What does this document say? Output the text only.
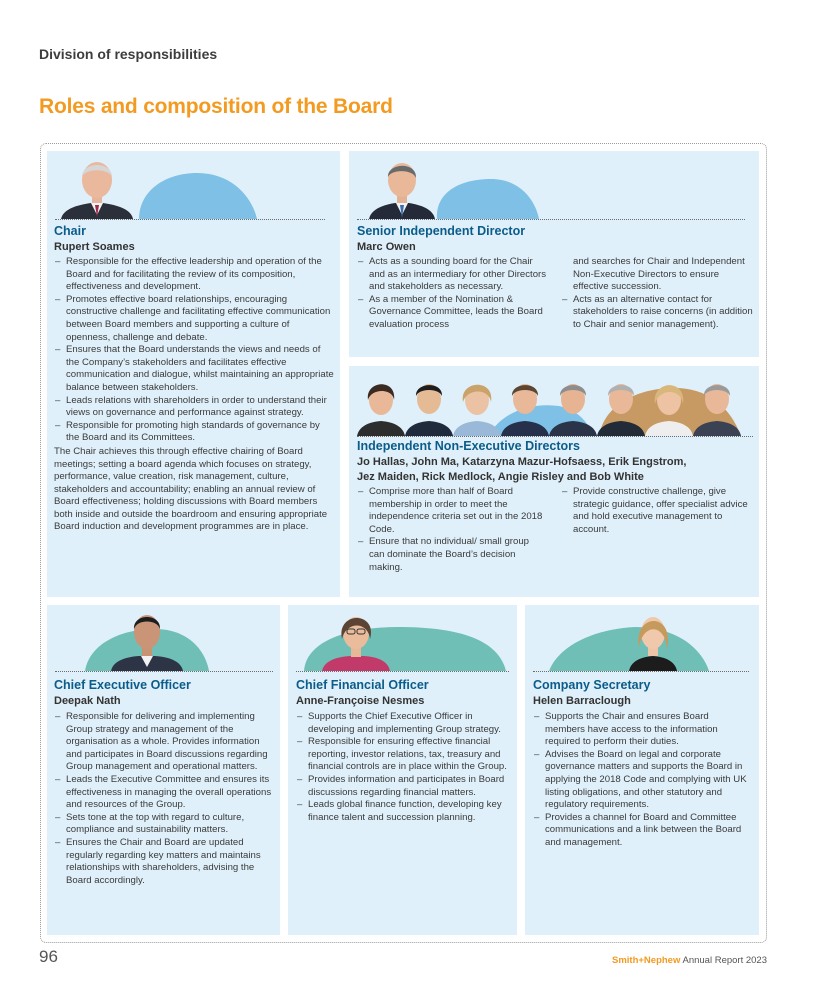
Division of responsibilities
Roles and composition of the Board
Chair
Rupert Soames
– Responsible for the effective leadership and operation of the Board and for facilitating the review of its composition, effectiveness and development.
– Promotes effective board relationships, encouraging constructive challenge and facilitating effective communication between Board members and supporting a culture of openness, challenge and debate.
– Ensures that the Board understands the views and needs of the Company’s stakeholders and facilitates effective communication and dialogue, whilst maintaining an appropriate balance between stakeholders.
– Leads relations with shareholders in order to understand their views on governance and performance against strategy.
– Responsible for promoting high standards of governance by the Board and its Committees.

The Chair achieves this through effective chairing of Board meetings; setting a board agenda which focuses on strategy, performance, value creation, risk management, culture, stakeholders and accountability; enabling an annual review of Board effectiveness; holding discussions with Board members both inside and outside the boardroom and ensuring appropriate Board induction and development programmes are in place.

Senior Independent Director
Marc Owen
– Acts as a sounding board for the Chair and as an intermediary for other Directors and stakeholders as necessary.
– As a member of the Nomination & Governance Committee, leads the Board evaluation process
and searches for Chair and Independent Non-Executive Directors to ensure effective succession.
– Acts as an alternative contact for stakeholders to raise concerns (in addition to Chair and senior management).
Independent Non-Executive Directors
Jo Hallas, John Ma, Katarzyna Mazur-Hofsaess, Erik Engstrom,
Jez Maiden, Rick Medlock, Angie Risley and Bob White
– Comprise more than half of Board membership in order to meet the independence criteria set out in the 2018 Code.
– Ensure that no individual/ small group can dominate the Board’s decision making.
– Provide constructive challenge, give strategic guidance, offer specialist advice and hold executive management to account.
Chief Executive Officer
Deepak Nath
– Responsible for delivering and implementing Group strategy and management of the organisation as a whole. Provides information and participates in Board discussions regarding Group management and operational matters.
– Leads the Executive Committee and ensures its effectiveness in managing the overall operations and resources of the Group.
– Sets tone at the top with regard to culture, compliance and sustainability matters.
– Ensures the Chair and Board are updated regularly regarding key matters and maintains relationships with shareholders, advising the Board accordingly.
Chief Financial Officer
Anne-Françoise Nesmes
– Supports the Chief Executive Officer in developing and implementing Group strategy.
– Responsible for ensuring effective financial reporting, investor relations, tax, treasury and financial controls are in place within the Group.
– Provides information and participates in Board discussions regarding financial matters.
– Leads global finance function, developing key finance talent and succession planning.
Company Secretary
Helen Barraclough
– Supports the Chair and ensures Board members have access to the information required to perform their duties.
– Advises the Board on legal and corporate governance matters and supports the Board in applying the 2018 Code and complying with UK listing obligations, and other statutory and regulatory requirements.
– Provides a channel for Board and Committee communications and a link between the Board and management.
96	Smith+Nephew Annual Report 2023
